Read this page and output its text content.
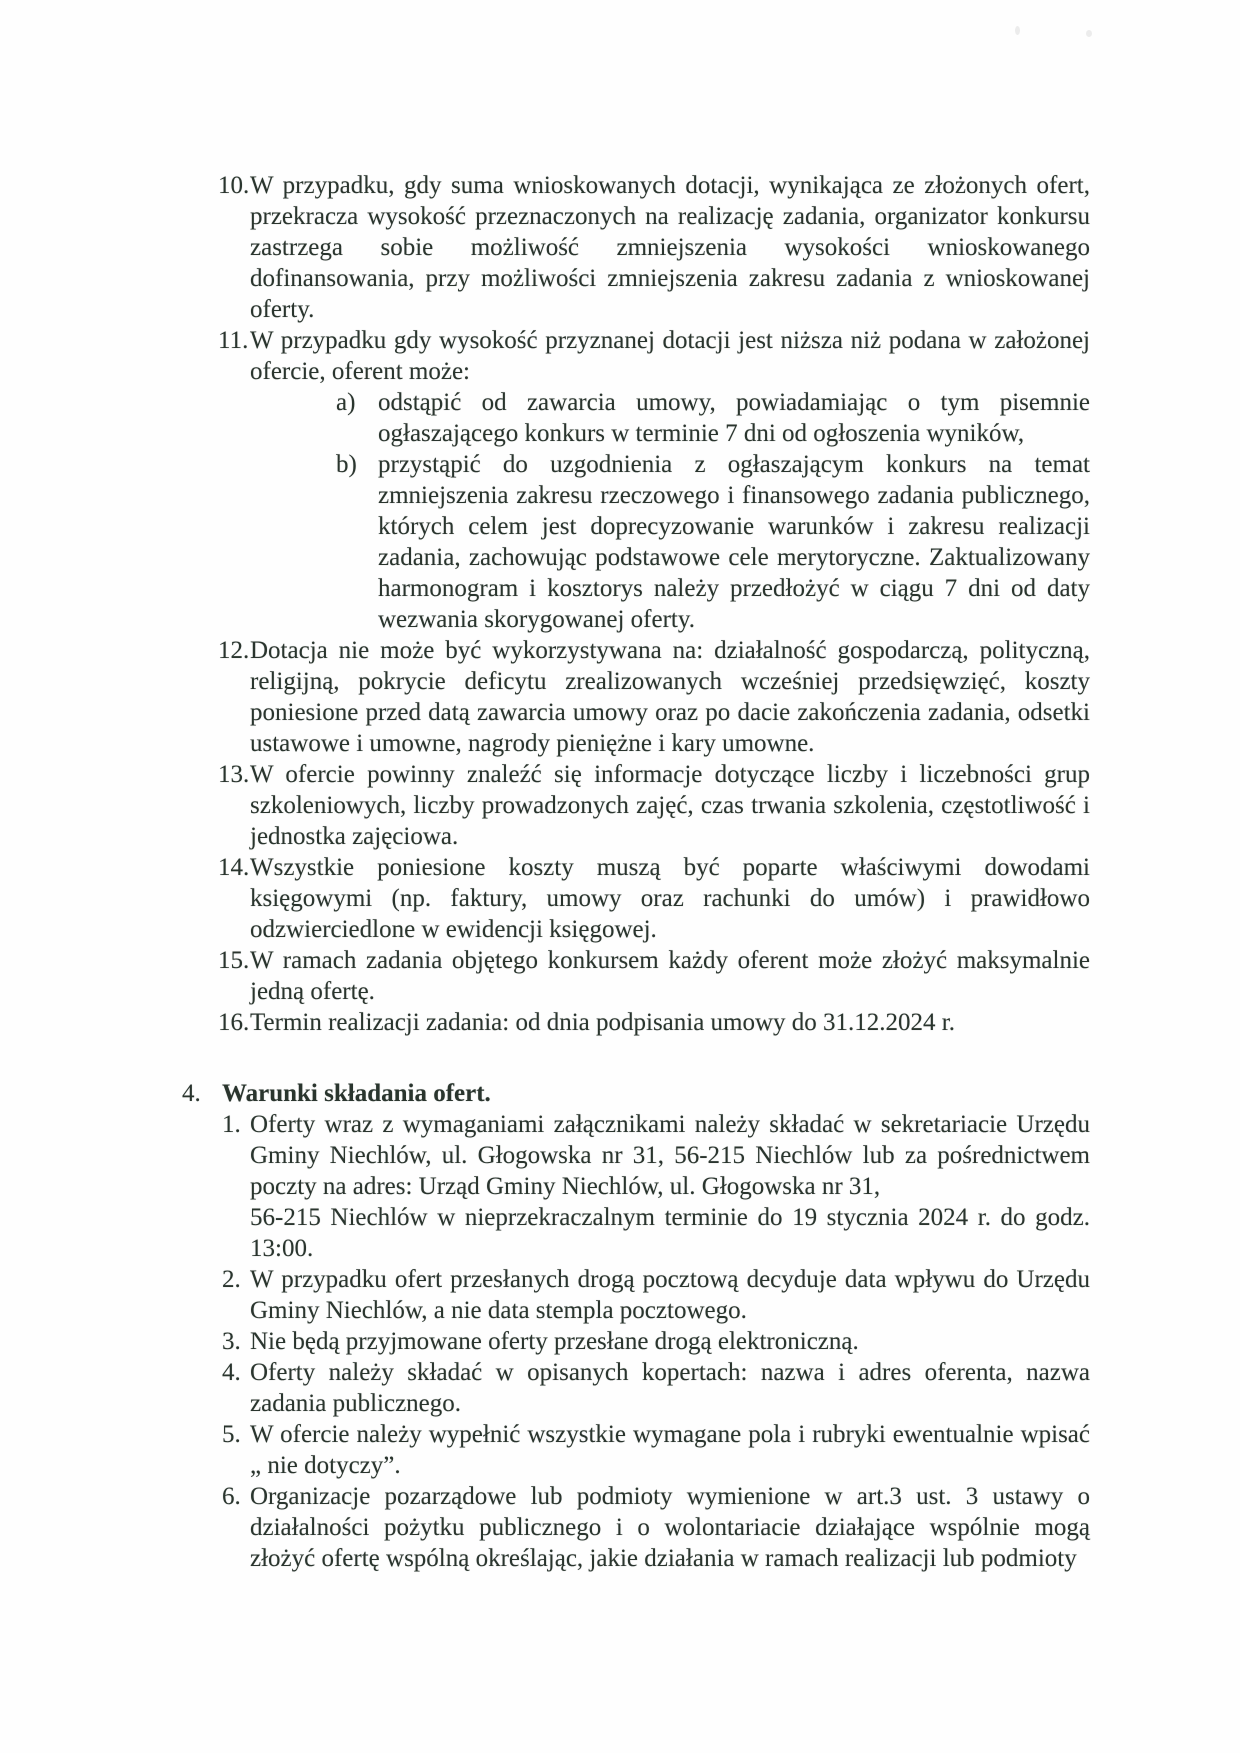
10. W przypadku, gdy suma wnioskowanych dotacji, wynikająca ze złożonych ofert, przekracza wysokość przeznaczonych na realizację zadania, organizator konkursu zastrzega sobie możliwość zmniejszenia wysokości wnioskowanego dofinansowania, przy możliwości zmniejszenia zakresu zadania z wnioskowanej oferty.
11. W przypadku gdy wysokość przyznanej dotacji jest niższa niż podana w założonej ofercie, oferent może:
a) odstąpić od zawarcia umowy, powiadamiając o tym pisemnie ogłaszającego konkurs w terminie 7 dni od ogłoszenia wyników,
b) przystąpić do uzgodnienia z ogłaszającym konkurs na temat zmniejszenia zakresu rzeczowego i finansowego zadania publicznego, których celem jest doprecyzowanie warunków i zakresu realizacji zadania, zachowując podstawowe cele merytoryczne. Zaktualizowany harmonogram i kosztorys należy przedłożyć w ciągu 7 dni od daty wezwania skorygowanej oferty.
12. Dotacja nie może być wykorzystywana na: działalność gospodarczą, polityczną, religijną, pokrycie deficytu zrealizowanych wcześniej przedsięwzięć, koszty poniesione przed datą zawarcia umowy oraz po dacie zakończenia zadania, odsetki ustawowe i umowne, nagrody pieniężne i kary umowne.
13. W ofercie powinny znaleźć się informacje dotyczące liczby i liczebności grup szkoleniowych, liczby prowadzonych zajęć, czas trwania szkolenia, częstotliwość i jednostka zajęciowa.
14. Wszystkie poniesione koszty muszą być poparte właściwymi dowodami księgowymi (np. faktury, umowy oraz rachunki do umów) i prawidłowo odzwierciedlone w ewidencji księgowej.
15. W ramach zadania objętego konkursem każdy oferent może złożyć maksymalnie jedną ofertę.
16. Termin realizacji zadania: od dnia podpisania umowy do 31.12.2024 r.
4. Warunki składania ofert.
1. Oferty wraz z wymaganiami załącznikami należy składać w sekretariacie Urzędu Gminy Niechlów, ul. Głogowska nr 31, 56-215 Niechlów lub za pośrednictwem poczty na adres: Urząd Gminy Niechlów, ul. Głogowska nr 31,
56-215 Niechlów w nieprzekraczalnym terminie do 19 stycznia 2024 r. do godz. 13:00.
2. W przypadku ofert przesłanych drogą pocztową decyduje data wpływu do Urzędu Gminy Niechlów, a nie data stempla pocztowego.
3. Nie będą przyjmowane oferty przesłane drogą elektroniczną.
4. Oferty należy składać w opisanych kopertach: nazwa i adres oferenta, nazwa zadania publicznego.
5. W ofercie należy wypełnić wszystkie wymagane pola i rubryki ewentualnie wpisać „ nie dotyczy”.
6. Organizacje pozarządowe lub podmioty wymienione w art.3 ust. 3 ustawy o działalności pożytku publicznego i o wolontariacie działające wspólnie mogą złożyć ofertę wspólną określając, jakie działania w ramach realizacji lub podmioty
